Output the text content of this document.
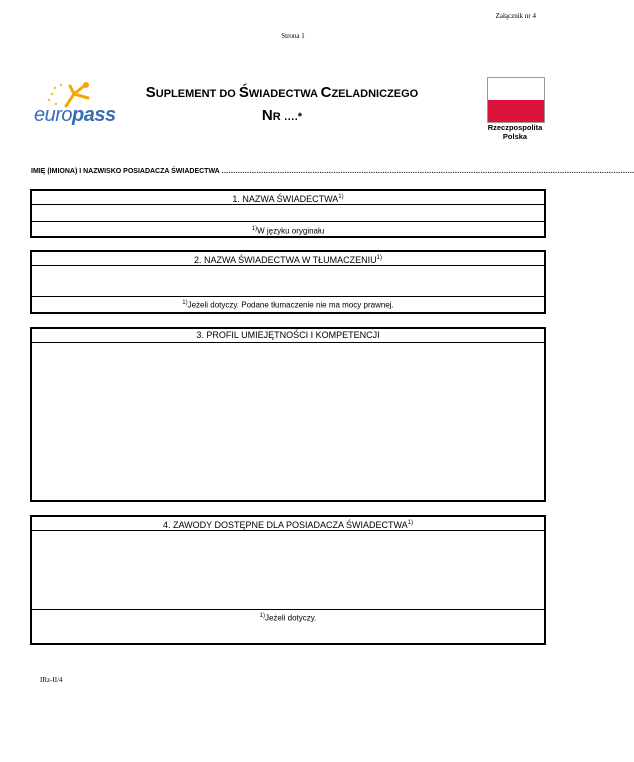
Załącznik nr 4
Strona 1
europass
SUPLEMENT DO ŚWIADECTWA CZELADNICZEGO
NR ….*
Rzeczpospolita
Polska
IMIĘ (IMIONA) I NAZWISKO POSIADACZA ŚWIADECTWA ……………………………………………………………………………………………………………………………………………………………
1. NAZWA ŚWIADECTWA$^{1)}$
$^{1)}$W języku oryginału
2. NAZWA ŚWIADECTWA W TŁUMACZENIU$^{1)}$
$^{1)}$Jeżeli dotyczy. Podane tłumaczenie nie ma mocy prawnej.
3. PROFIL UMIEJĘTNOŚCI I KOMPETENCJI
4. ZAWODY DOSTĘPNE DLA POSIADACZA ŚWIADECTWA$^{1)}$
$^{1)}$Jeżeli dotyczy.
IRz-II/4
